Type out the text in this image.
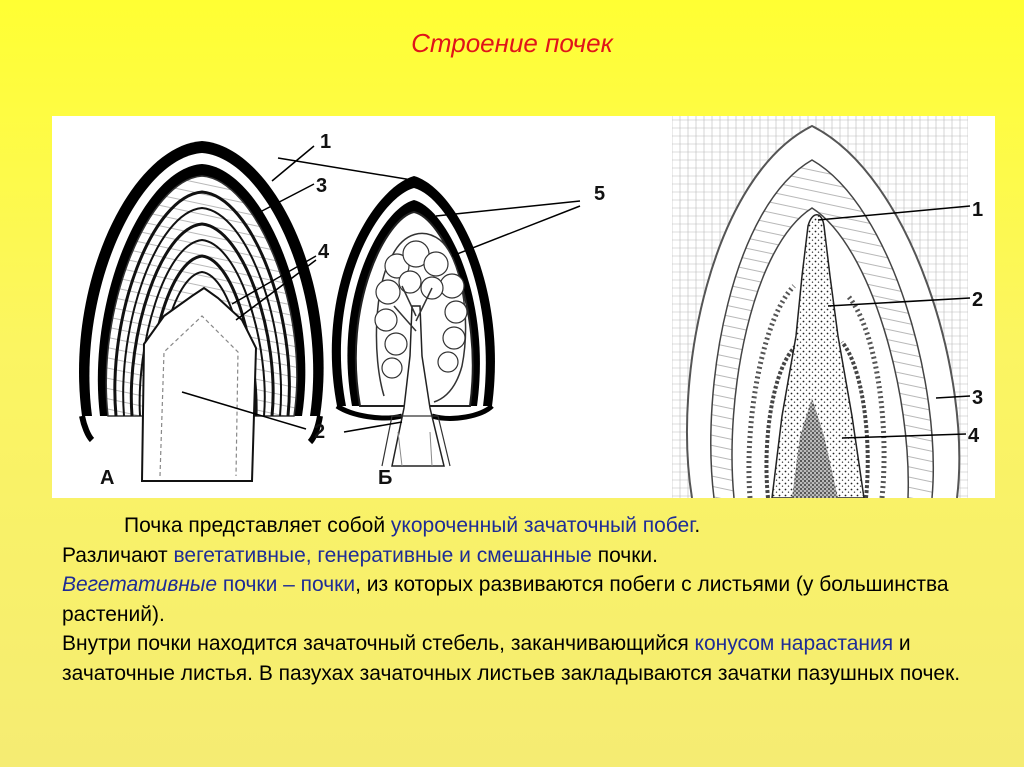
Строение почек
1
3
4
2
А
5
Б
1
2
3
4

Почка представляет собой укороченный зачаточный побег.

Различают вегетативные, генеративные и смешанные почки.

Вегетативные почки – почки, из которых развиваются побеги с листьями (у большинства растений).

Внутри почки находится зачаточный стебель, заканчивающийся конусом нарастания и зачаточные листья. В пазухах зачаточных листьев закладываются зачатки пазушных почек.
